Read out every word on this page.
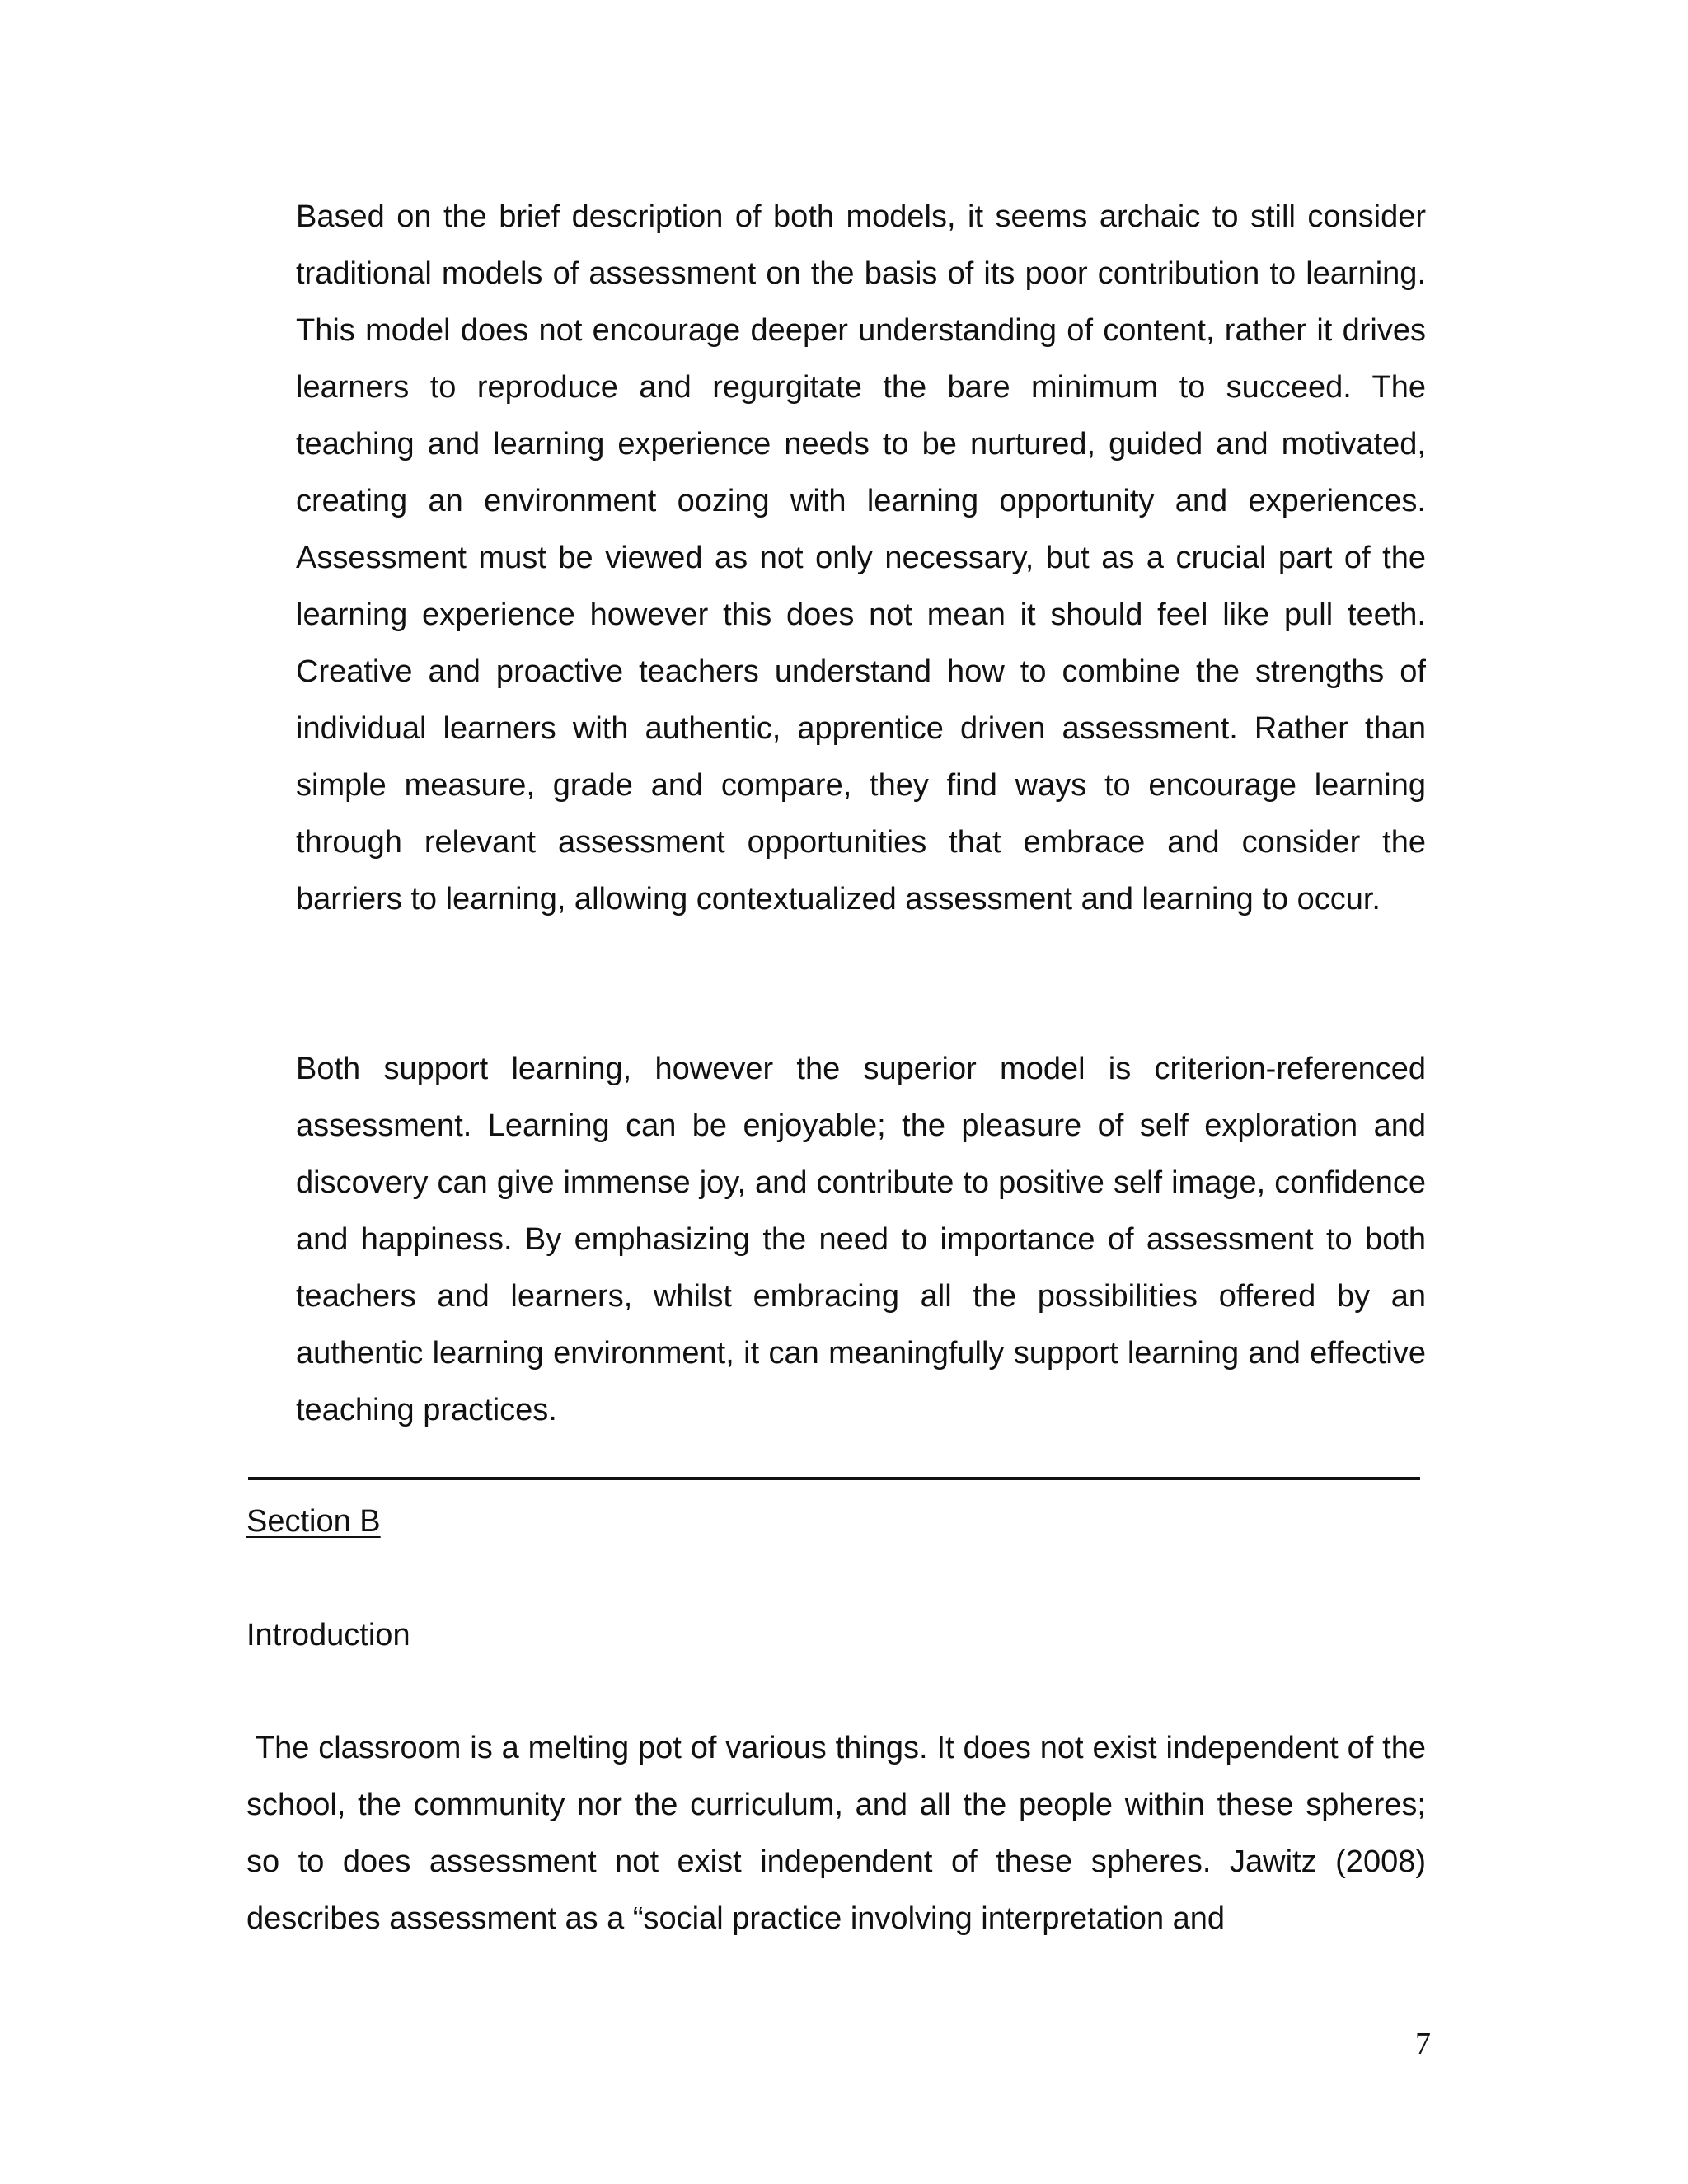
Based on the brief description of both models, it seems archaic to still consider traditional models of assessment on the basis of its poor contribution to learning. This model does not encourage deeper understanding of content, rather it drives learners to reproduce and regurgitate the bare minimum to succeed. The teaching and learning experience needs to be nurtured, guided and motivated, creating an environment oozing with learning opportunity and experiences. Assessment must be viewed as not only necessary, but as a crucial part of the learning experience however this does not mean it should feel like pull teeth. Creative and proactive teachers understand how to combine the strengths of individual learners with authentic, apprentice driven assessment. Rather than simple measure, grade and compare, they find ways to encourage learning through relevant assessment opportunities that embrace and consider the barriers to learning, allowing contextualized assessment and learning to occur.

Both support learning, however the superior model is criterion-referenced assessment. Learning can be enjoyable; the pleasure of self exploration and discovery can give immense joy, and contribute to positive self image, confidence and happiness. By emphasizing the need to importance of assessment to both teachers and learners, whilst embracing all the possibilities offered by an authentic learning environment, it can meaningfully support learning and effective teaching practices.

Section B
Introduction

The classroom is a melting pot of various things. It does not exist independent of the school, the community nor the curriculum, and all the people within these spheres; so to does assessment not exist independent of these spheres. Jawitz (2008) describes assessment as a “social practice involving interpretation and

7
